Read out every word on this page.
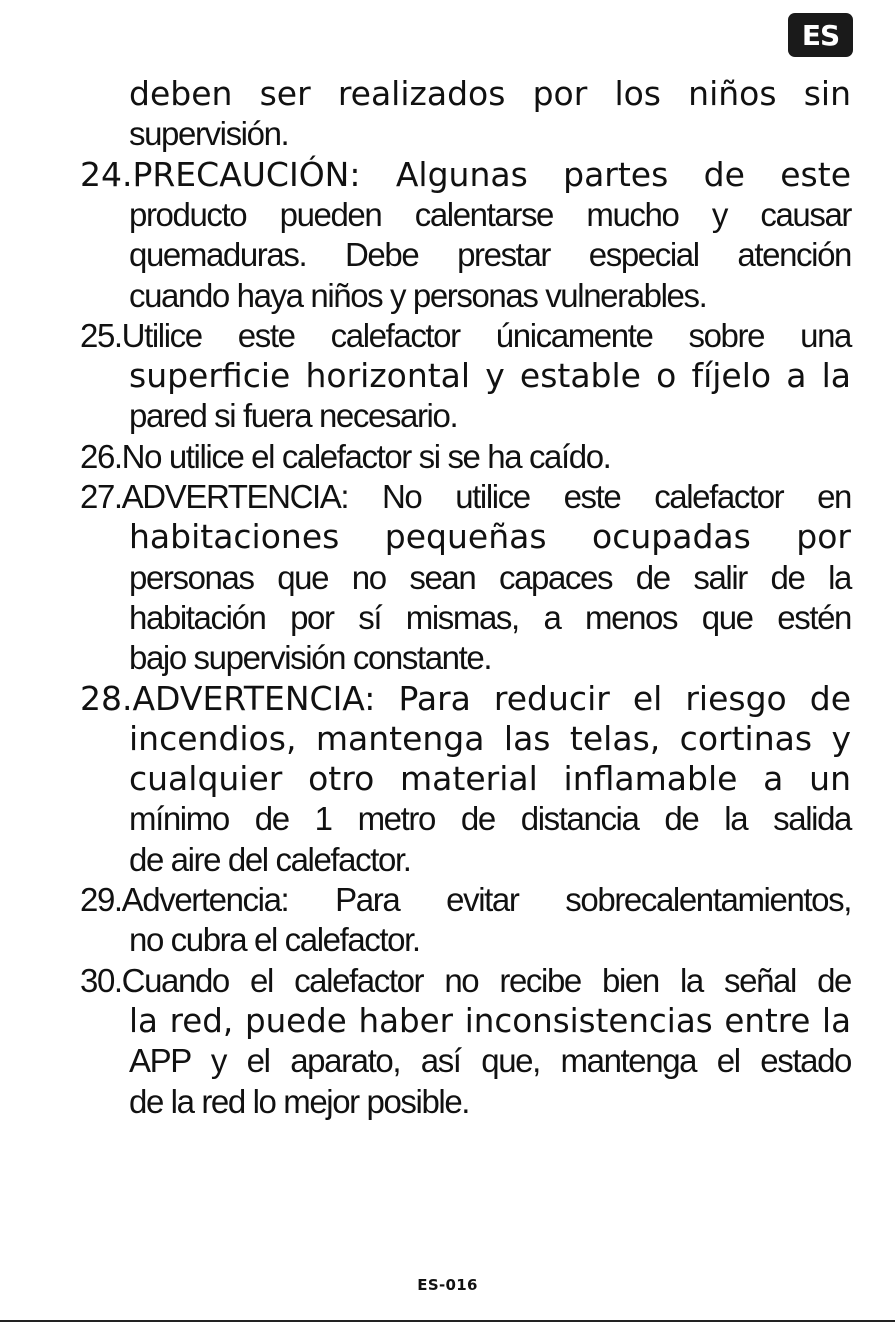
ES
deben ser realizados por los niños sin
supervisión.
24.PRECAUCIÓN: Algunas partes de este
producto pueden calentarse mucho y causar
quemaduras. Debe prestar especial atención
cuando haya niños y personas vulnerables.
25.Utilice este calefactor únicamente sobre una
superficie horizontal y estable o fíjelo a la
pared si fuera necesario.
26.No utilice el calefactor si se ha caído.
27.ADVERTENCIA: No utilice este calefactor en
habitaciones pequeñas ocupadas por
personas que no sean capaces de salir de la
habitación por sí mismas, a menos que estén
bajo supervisión constante.
28.ADVERTENCIA: Para reducir el riesgo de
incendios, mantenga las telas, cortinas y
cualquier otro material inflamable a un
mínimo de 1 metro de distancia de la salida
de aire del calefactor.
29.Advertencia: Para evitar sobrecalentamientos,
no cubra el calefactor.
30.Cuando el calefactor no recibe bien la señal de
la red, puede haber inconsistencias entre la
APP y el aparato, así que, mantenga el estado
de la red lo mejor posible.
ES-016
